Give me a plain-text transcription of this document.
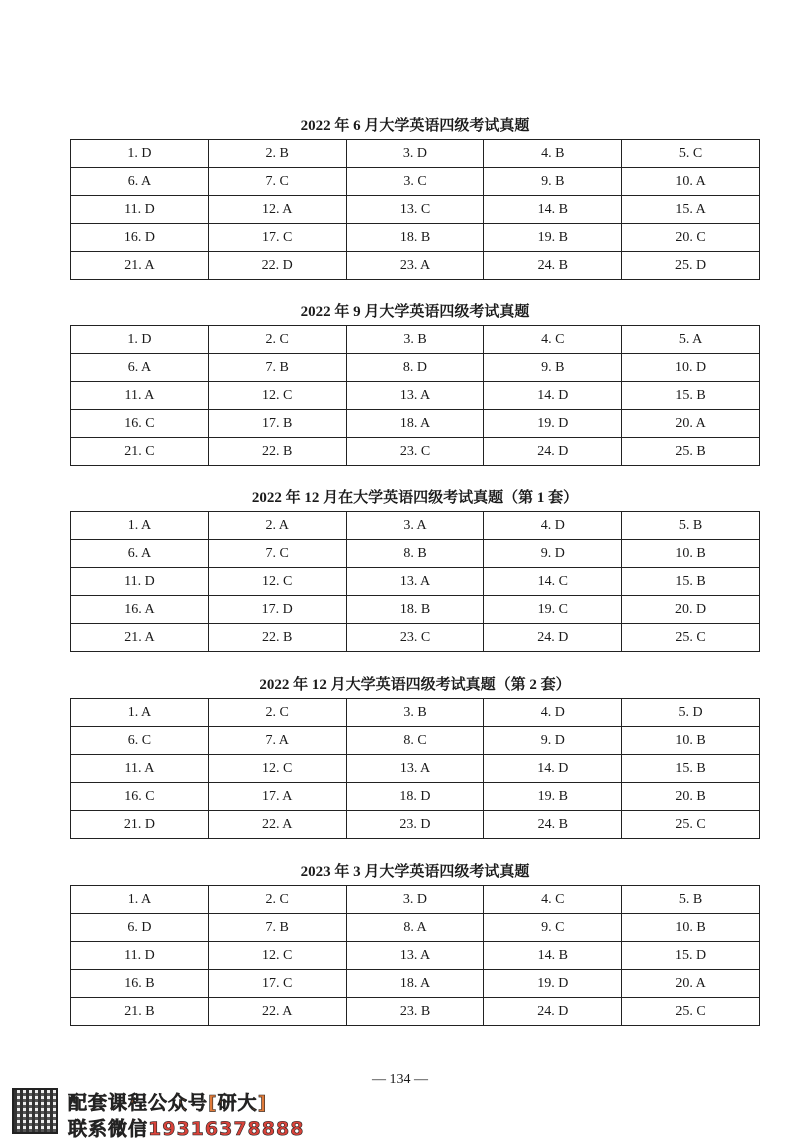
2022 年 6 月大学英语四级考试真题
1. D	2. B	3. D	4. B	5. C
6. A	7. C	3. C	9. B	10. A
11. D	12. A	13. C	14. B	15. A
16. D	17. C	18. B	19. B	20. C
21. A	22. D	23. A	24. B	25. D
2022 年 9 月大学英语四级考试真题
1. D	2. C	3. B	4. C	5. A
6. A	7. B	8. D	9. B	10. D
11. A	12. C	13. A	14. D	15. B
16. C	17. B	18. A	19. D	20. A
21. C	22. B	23. C	24. D	25. B
2022 年 12 月在大学英语四级考试真题（第 1 套）
1. A	2. A	3. A	4. D	5. B
6. A	7. C	8. B	9. D	10. B
11. D	12. C	13. A	14. C	15. B
16. A	17. D	18. B	19. C	20. D
21. A	22. B	23. C	24. D	25. C
2022 年 12 月大学英语四级考试真题（第 2 套）
1. A	2. C	3. B	4. D	5. D
6. C	7. A	8. C	9. D	10. B
11. A	12. C	13. A	14. D	15. B
16. C	17. A	18. D	19. B	20. B
21. D	22. A	23. D	24. B	25. C
2023 年 3 月大学英语四级考试真题
1. A	2. C	3. D	4. C	5. B
6. D	7. B	8. A	9. C	10. B
11. D	12. C	13. A	14. B	15. D
16. B	17. C	18. A	19. D	20. A
21. B	22. A	23. B	24. D	25. C
— 134 —
配套课程公众号[研大]
联系微信19316378888
